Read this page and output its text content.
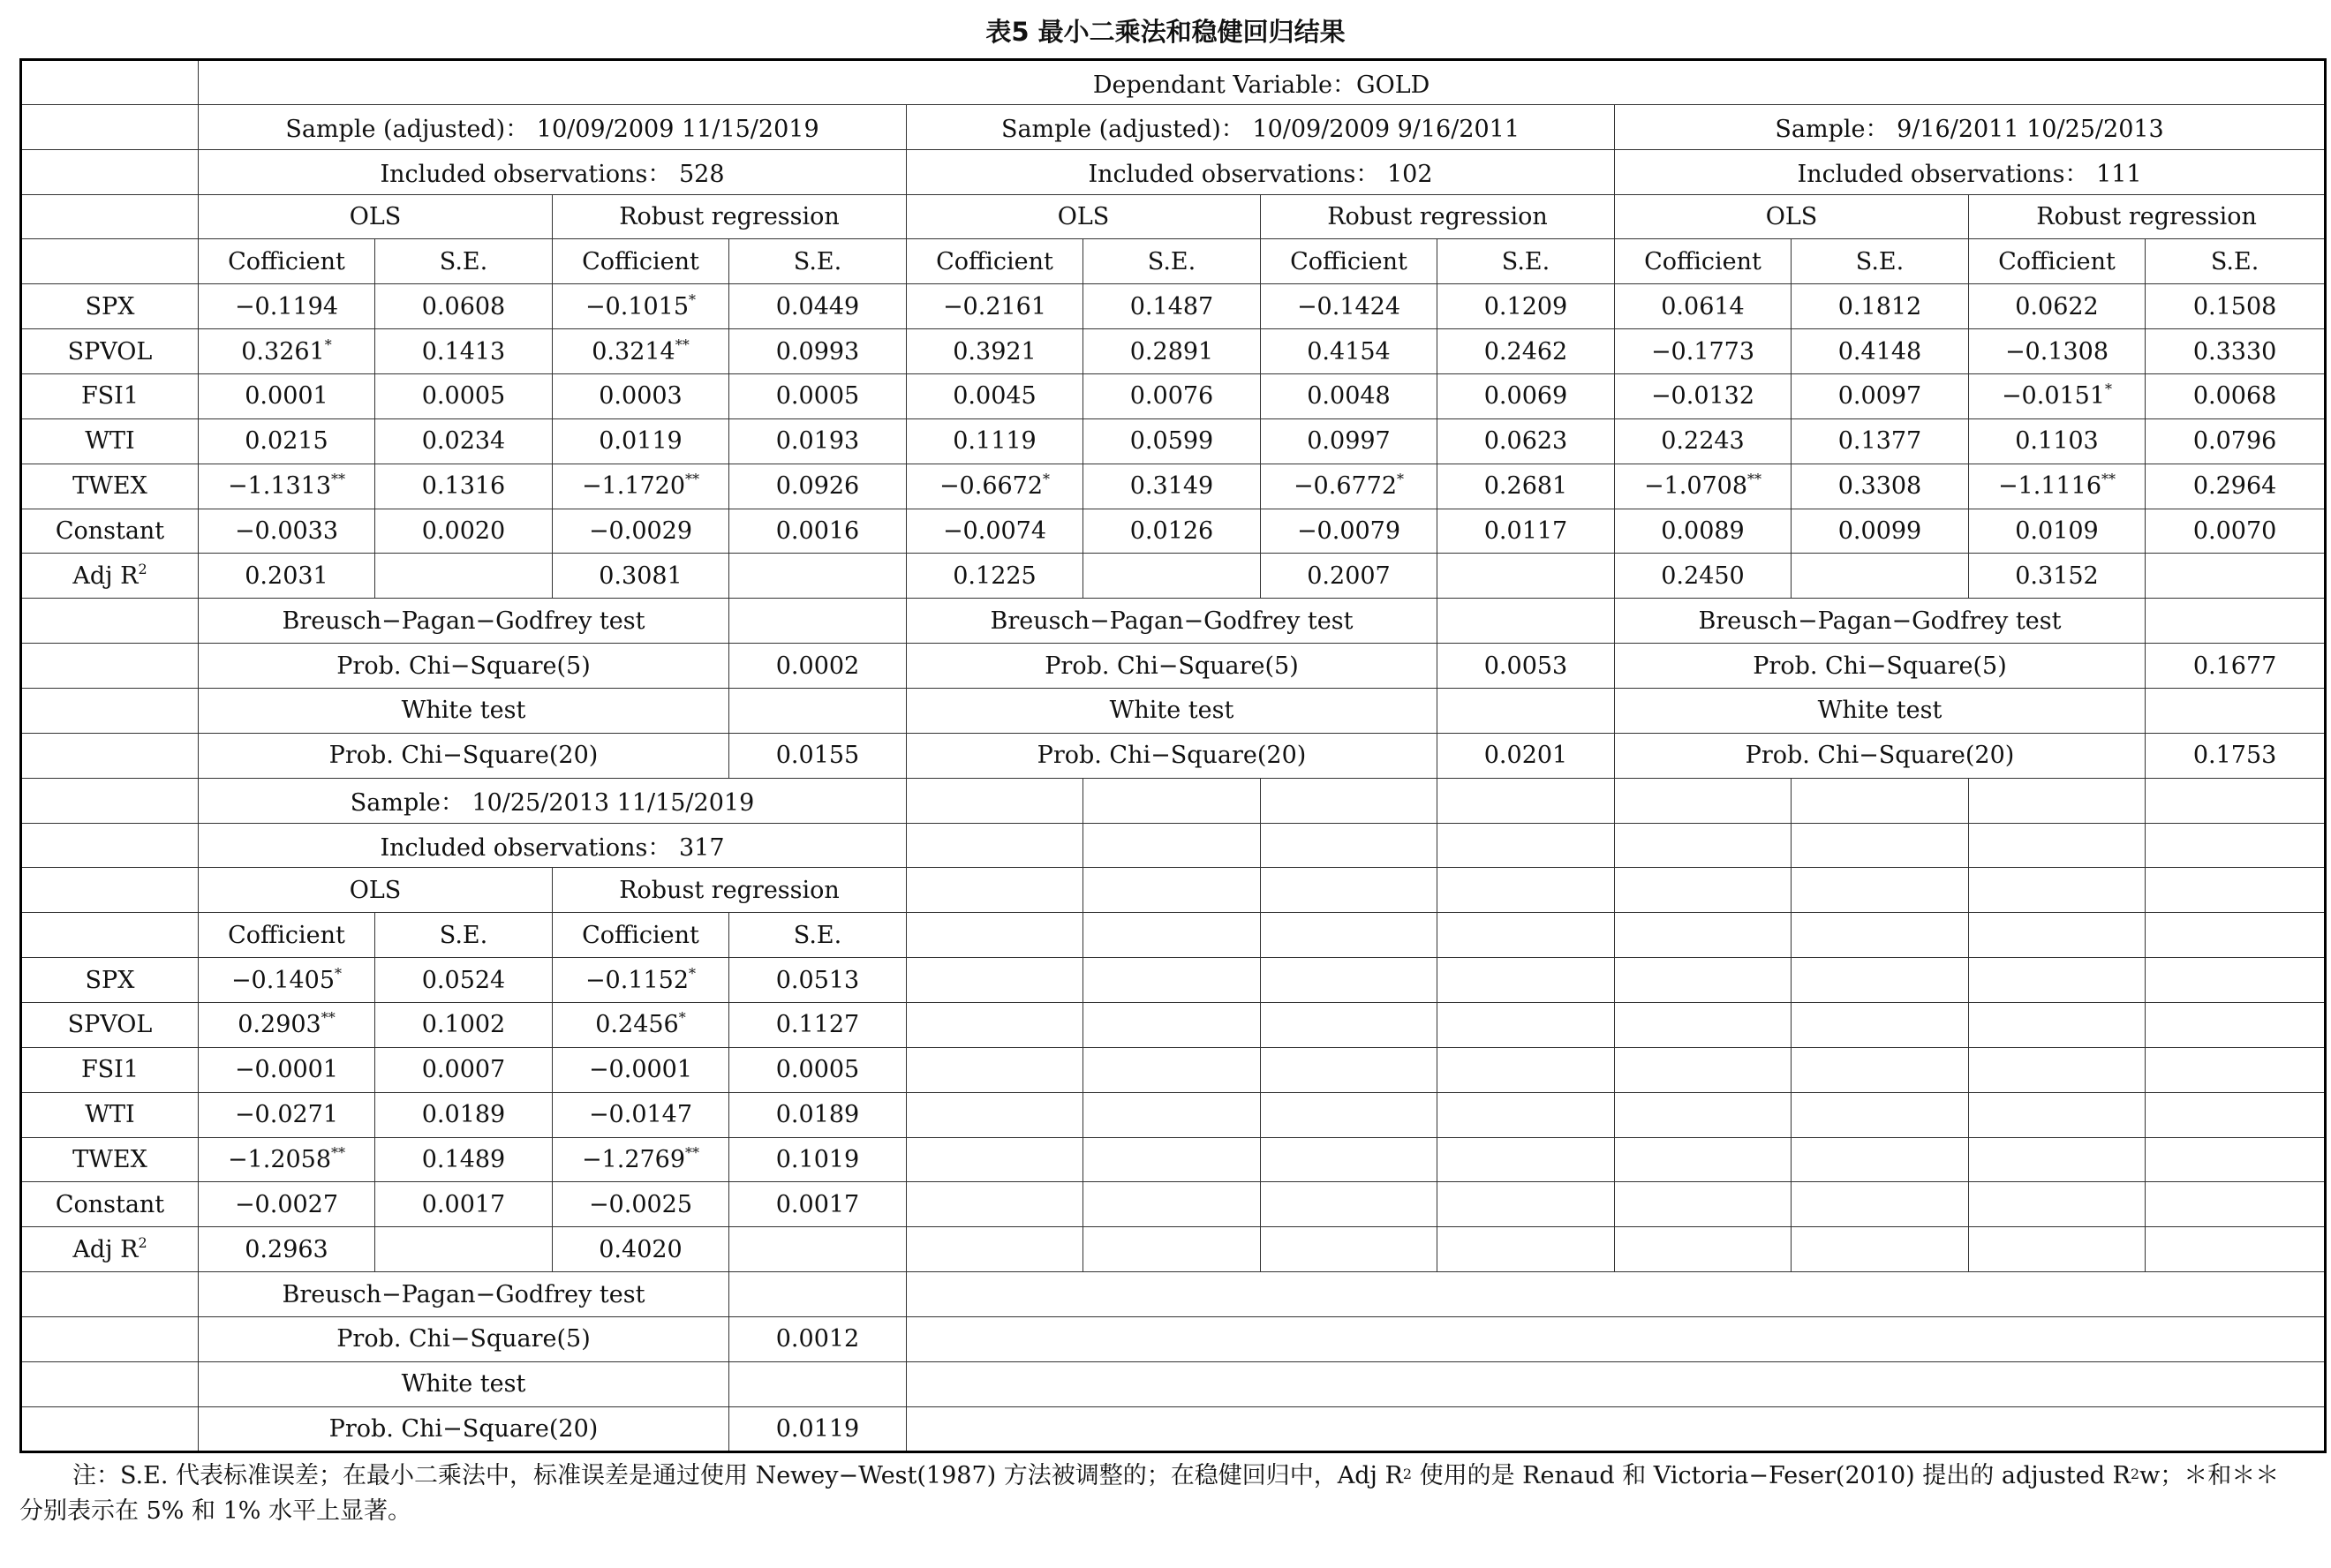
表5 最小二乘法和稳健回归结果
	Dependant Variable：GOLD											
	Sample (adjusted)： 10/09/2009 11/15/2019				Sample (adjusted)： 10/09/2009 9/16/2011				Sample： 9/16/2011 10/25/2013			
	Included observations： 528				Included observations： 102				Included observations： 111			
	OLS		Robust regression		OLS		Robust regression		OLS		Robust regression	
	Cofficient	S.E.	Cofficient	S.E.	Cofficient	S.E.	Cofficient	S.E.	Cofficient	S.E.	Cofficient	S.E.
SPX	−0.1194	0.0608	−0.1015*	0.0449	−0.2161	0.1487	−0.1424	0.1209	0.0614	0.1812	0.0622	0.1508
SPVOL	0.3261*	0.1413	0.3214**	0.0993	0.3921	0.2891	0.4154	0.2462	−0.1773	0.4148	−0.1308	0.3330
FSI1	0.0001	0.0005	0.0003	0.0005	0.0045	0.0076	0.0048	0.0069	−0.0132	0.0097	−0.0151*	0.0068
WTI	0.0215	0.0234	0.0119	0.0193	0.1119	0.0599	0.0997	0.0623	0.2243	0.1377	0.1103	0.0796
TWEX	−1.1313**	0.1316	−1.1720**	0.0926	−0.6672*	0.3149	−0.6772*	0.2681	−1.0708**	0.3308	−1.1116**	0.2964
Constant	−0.0033	0.0020	−0.0029	0.0016	−0.0074	0.0126	−0.0079	0.0117	0.0089	0.0099	0.0109	0.0070
Adj $R^2$	0.2031		0.3081		0.1225		0.2007		0.2450		0.3152	
	Breusch−Pagan−Godfrey test				Breusch−Pagan−Godfrey test				Breusch−Pagan−Godfrey test			
	Prob. Chi−Square(5)			0.0002	Prob. Chi−Square(5)			0.0053	Prob. Chi−Square(5)			0.1677
	White test				White test				White test			
	Prob. Chi−Square(20)			0.0155	Prob. Chi−Square(20)			0.0201	Prob. Chi−Square(20)			0.1753
	Sample： 10/25/2013 11/15/2019											
	Included observations： 317											
	OLS		Robust regression									
	Cofficient	S.E.	Cofficient	S.E.								
SPX	−0.1405*	0.0524	−0.1152*	0.0513								
SPVOL	0.2903**	0.1002	0.2456*	0.1127								
FSI1	−0.0001	0.0007	−0.0001	0.0005								
WTI	−0.0271	0.0189	−0.0147	0.0189								
TWEX	−1.2058**	0.1489	−1.2769**	0.1019								
Constant	−0.0027	0.0017	−0.0025	0.0017								
Adj $R^2$	0.2963		0.4020									
	Breusch−Pagan−Godfrey test											
	Prob. Chi−Square(5)			0.0012								
	White test											
	Prob. Chi−Square(20)			0.0119								
注：S.E. 代表标准误差；在最小二乘法中，标准误差是通过使用 Newey−West(1987) 方法被调整的；在稳健回归中，Adj $R^2$ 使用的是 Renaud 和 Victoria−Feser(2010) 提出的 adjusted $R^2w$；＊和＊＊
分别表示在 5% 和 1% 水平上显著。
